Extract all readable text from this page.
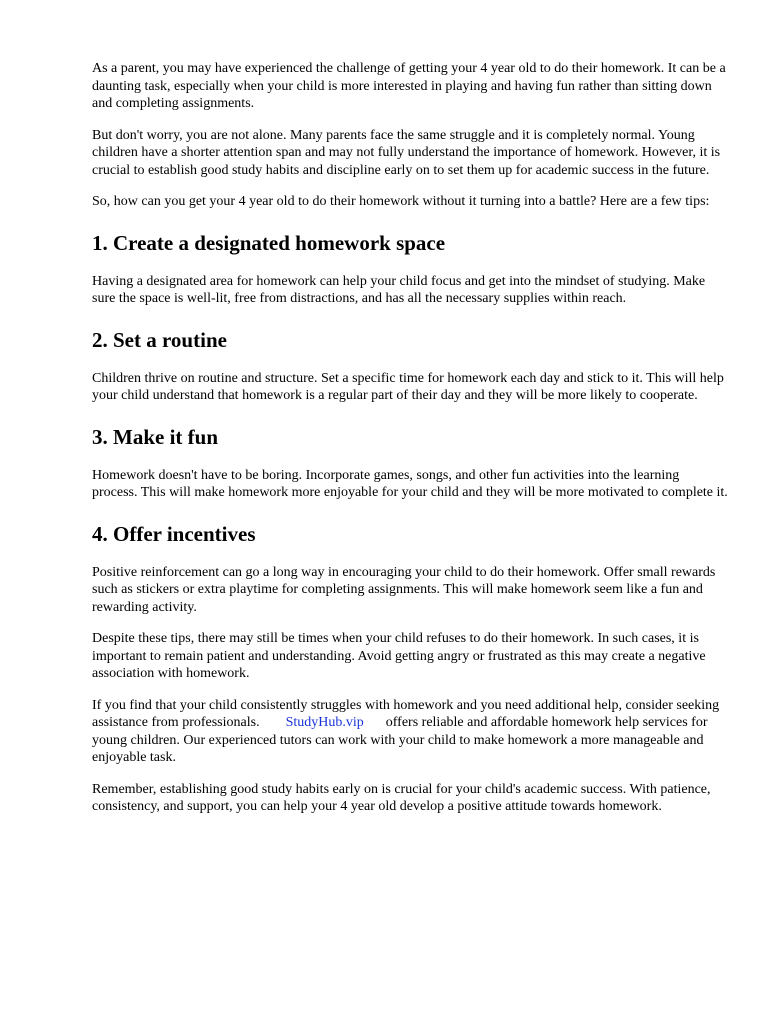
As a parent, you may have experienced the challenge of getting your 4 year old to do their homework. It can be a daunting task, especially when your child is more interested in playing and having fun rather than sitting down and completing assignments.

But don't worry, you are not alone. Many parents face the same struggle and it is completely normal. Young children have a shorter attention span and may not fully understand the importance of homework. However, it is crucial to establish good study habits and discipline early on to set them up for academic success in the future.

So, how can you get your 4 year old to do their homework without it turning into a battle? Here are a few tips:

1. Create a designated homework space

Having a designated area for homework can help your child focus and get into the mindset of studying. Make sure the space is well-lit, free from distractions, and has all the necessary supplies within reach.

2. Set a routine

Children thrive on routine and structure. Set a specific time for homework each day and stick to it. This will help your child understand that homework is a regular part of their day and they will be more likely to cooperate.

3. Make it fun

Homework doesn't have to be boring. Incorporate games, songs, and other fun activities into the learning process. This will make homework more enjoyable for your child and they will be more motivated to complete it.

4. Offer incentives

Positive reinforcement can go a long way in encouraging your child to do their homework. Offer small rewards such as stickers or extra playtime for completing assignments. This will make homework seem like a fun and rewarding activity.

Despite these tips, there may still be times when your child refuses to do their homework. In such cases, it is important to remain patient and understanding. Avoid getting angry or frustrated as this may create a negative association with homework.

If you find that your child consistently struggles with homework and you need additional help, consider seeking assistance from professionals. StudyHub.vip offers reliable and affordable homework help services for young children. Our experienced tutors can work with your child to make homework a more manageable and enjoyable task.

Remember, establishing good study habits early on is crucial for your child's academic success. With patience, consistency, and support, you can help your 4 year old develop a positive attitude towards homework.
